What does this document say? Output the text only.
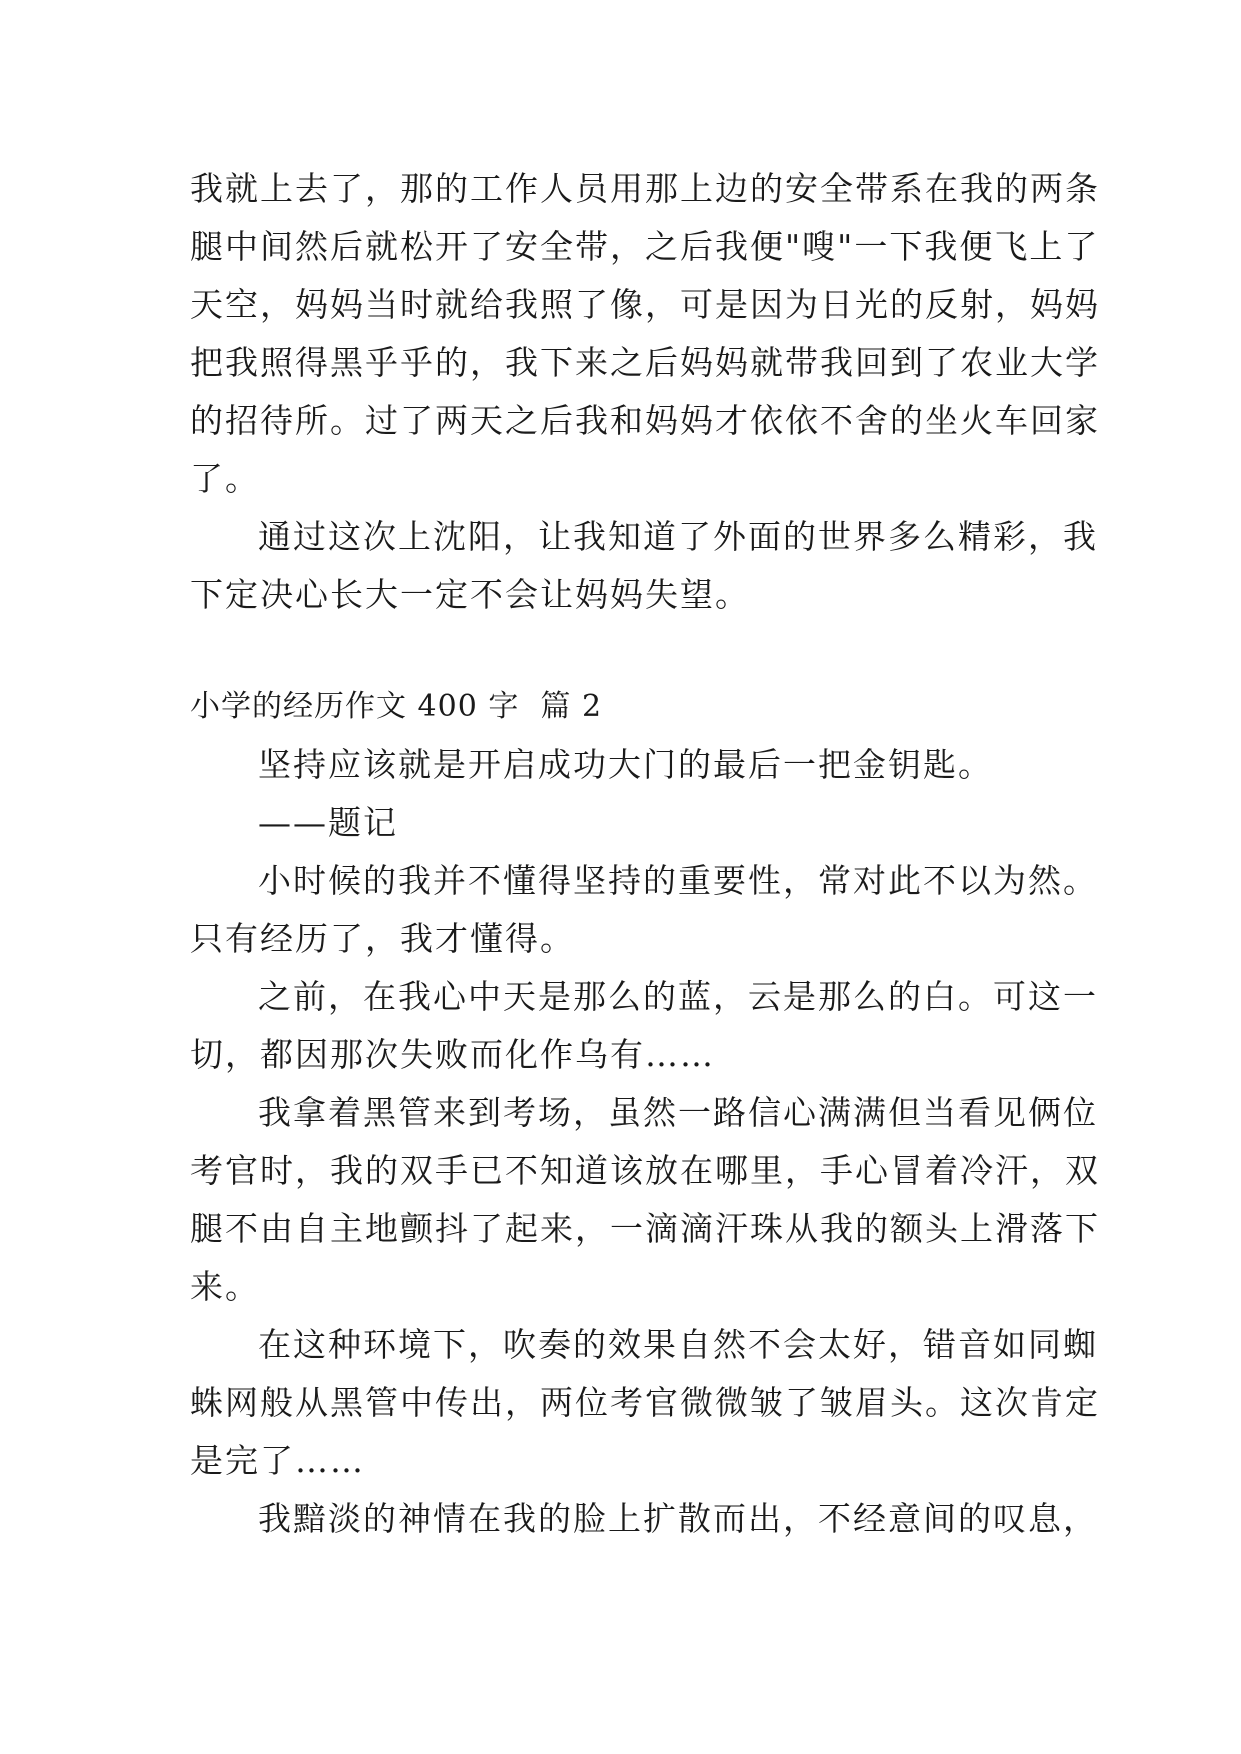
我就上去了，那的工作人员用那上边的安全带系在我的两条
腿中间然后就松开了安全带，之后我便"嗖"一下我便飞上了
天空，妈妈当时就给我照了像，可是因为日光的反射，妈妈
把我照得黑乎乎的，我下来之后妈妈就带我回到了农业大学
的招待所。过了两天之后我和妈妈才依依不舍的坐火车回家
了。
通过这次上沈阳，让我知道了外面的世界多么精彩，我
下定决心长大一定不会让妈妈失望。
小学的经历作文 400 字  篇 2
坚持应该就是开启成功大门的最后一把金钥匙。
——题记
小时候的我并不懂得坚持的重要性，常对此不以为然。
只有经历了，我才懂得。
之前，在我心中天是那么的蓝，云是那么的白。可这一
切，都因那次失败而化作乌有……
我拿着黑管来到考场，虽然一路信心满满但当看见俩位
考官时，我的双手已不知道该放在哪里，手心冒着冷汗，双
腿不由自主地颤抖了起来，一滴滴汗珠从我的额头上滑落下
来。
在这种环境下，吹奏的效果自然不会太好，错音如同蜘
蛛网般从黑管中传出，两位考官微微皱了皱眉头。这次肯定
是完了……
我黯淡的神情在我的脸上扩散而出，不经意间的叹息，
